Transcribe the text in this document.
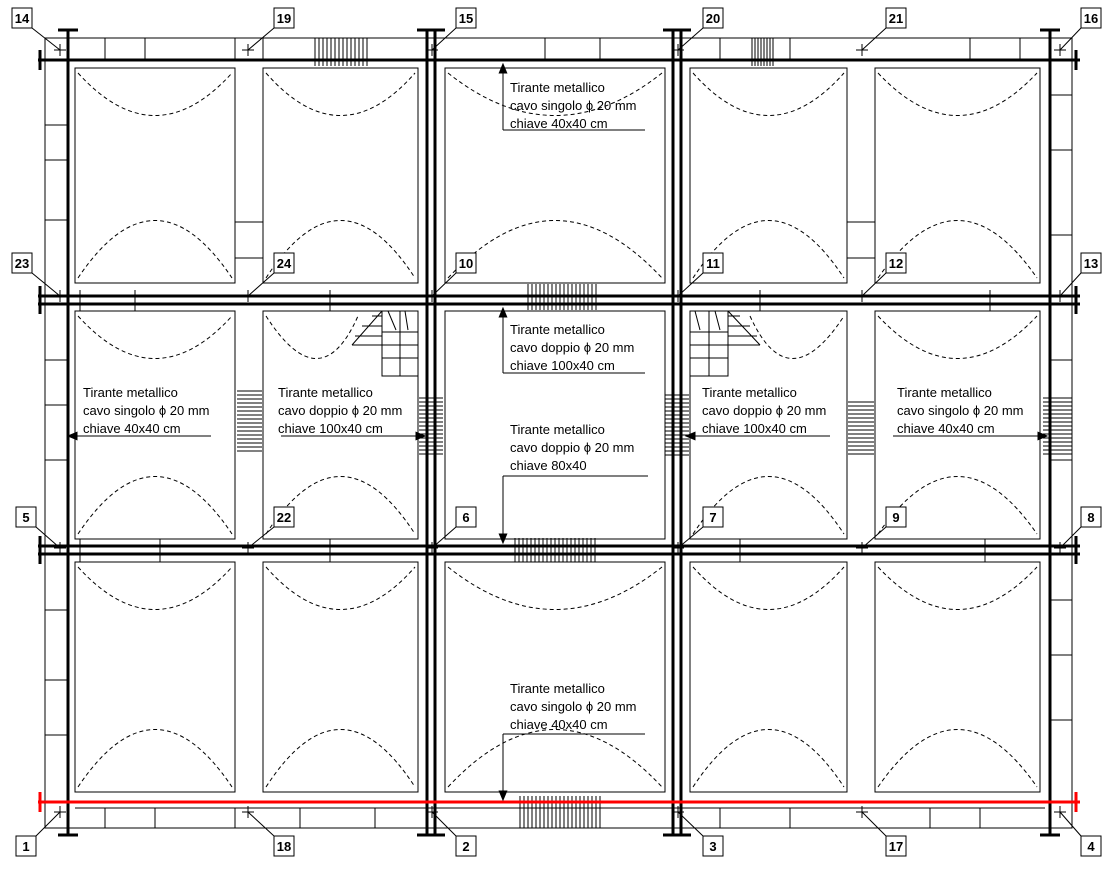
Tirante metallico
cavo singolo ϕ 20 mm
chiave 40x40 cm
Tirante metallico
cavo doppio ϕ 20 mm
chiave 100x40 cm
Tirante metallico
cavo singolo ϕ 20 mm
chiave 40x40 cm
Tirante metallico
cavo doppio ϕ 20 mm
chiave 100x40 cm
Tirante metallico
cavo doppio ϕ 20 mm
chiave 80x40
Tirante metallico
cavo doppio ϕ 20 mm
chiave 100x40 cm
Tirante metallico
cavo singolo ϕ 20 mm
chiave 40x40 cm
Tirante metallico
cavo singolo ϕ 20 mm
chiave 40x40 cm
14	19	15	20	21	16
23	24	10	11	12	13
5	22	6	7	9	8
1	18	2	3	17	4
